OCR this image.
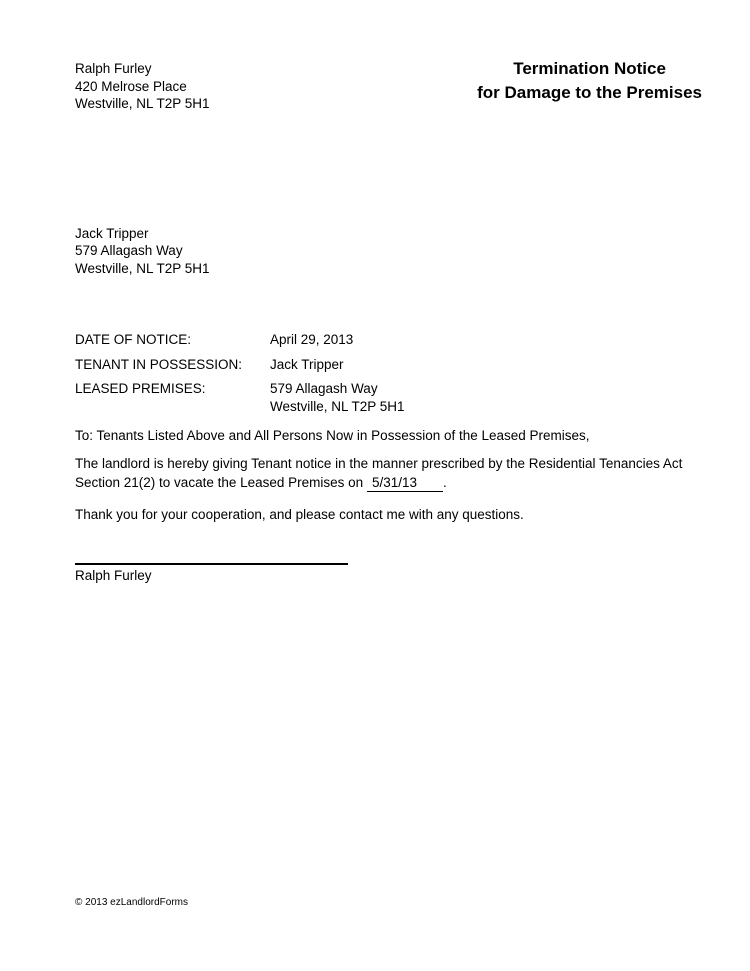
Ralph Furley
420 Melrose Place
Westville, NL T2P 5H1
Termination Notice
for Damage to the Premises
Jack Tripper
579 Allagash Way
Westville, NL T2P 5H1
DATE OF NOTICE:	April 29, 2013
TENANT IN POSSESSION:	Jack Tripper
LEASED PREMISES:	579 Allagash Way
Westville, NL T2P 5H1
To: Tenants Listed Above and All Persons Now in Possession of the Leased Premises,
The landlord is hereby giving Tenant notice in the manner prescribed by the Residential Tenancies Act Section 21(2) to vacate the Leased Premises on 5/31/13 .
Thank you for your cooperation, and please contact me with any questions.
Ralph Furley
© 2013 ezLandlordForms
